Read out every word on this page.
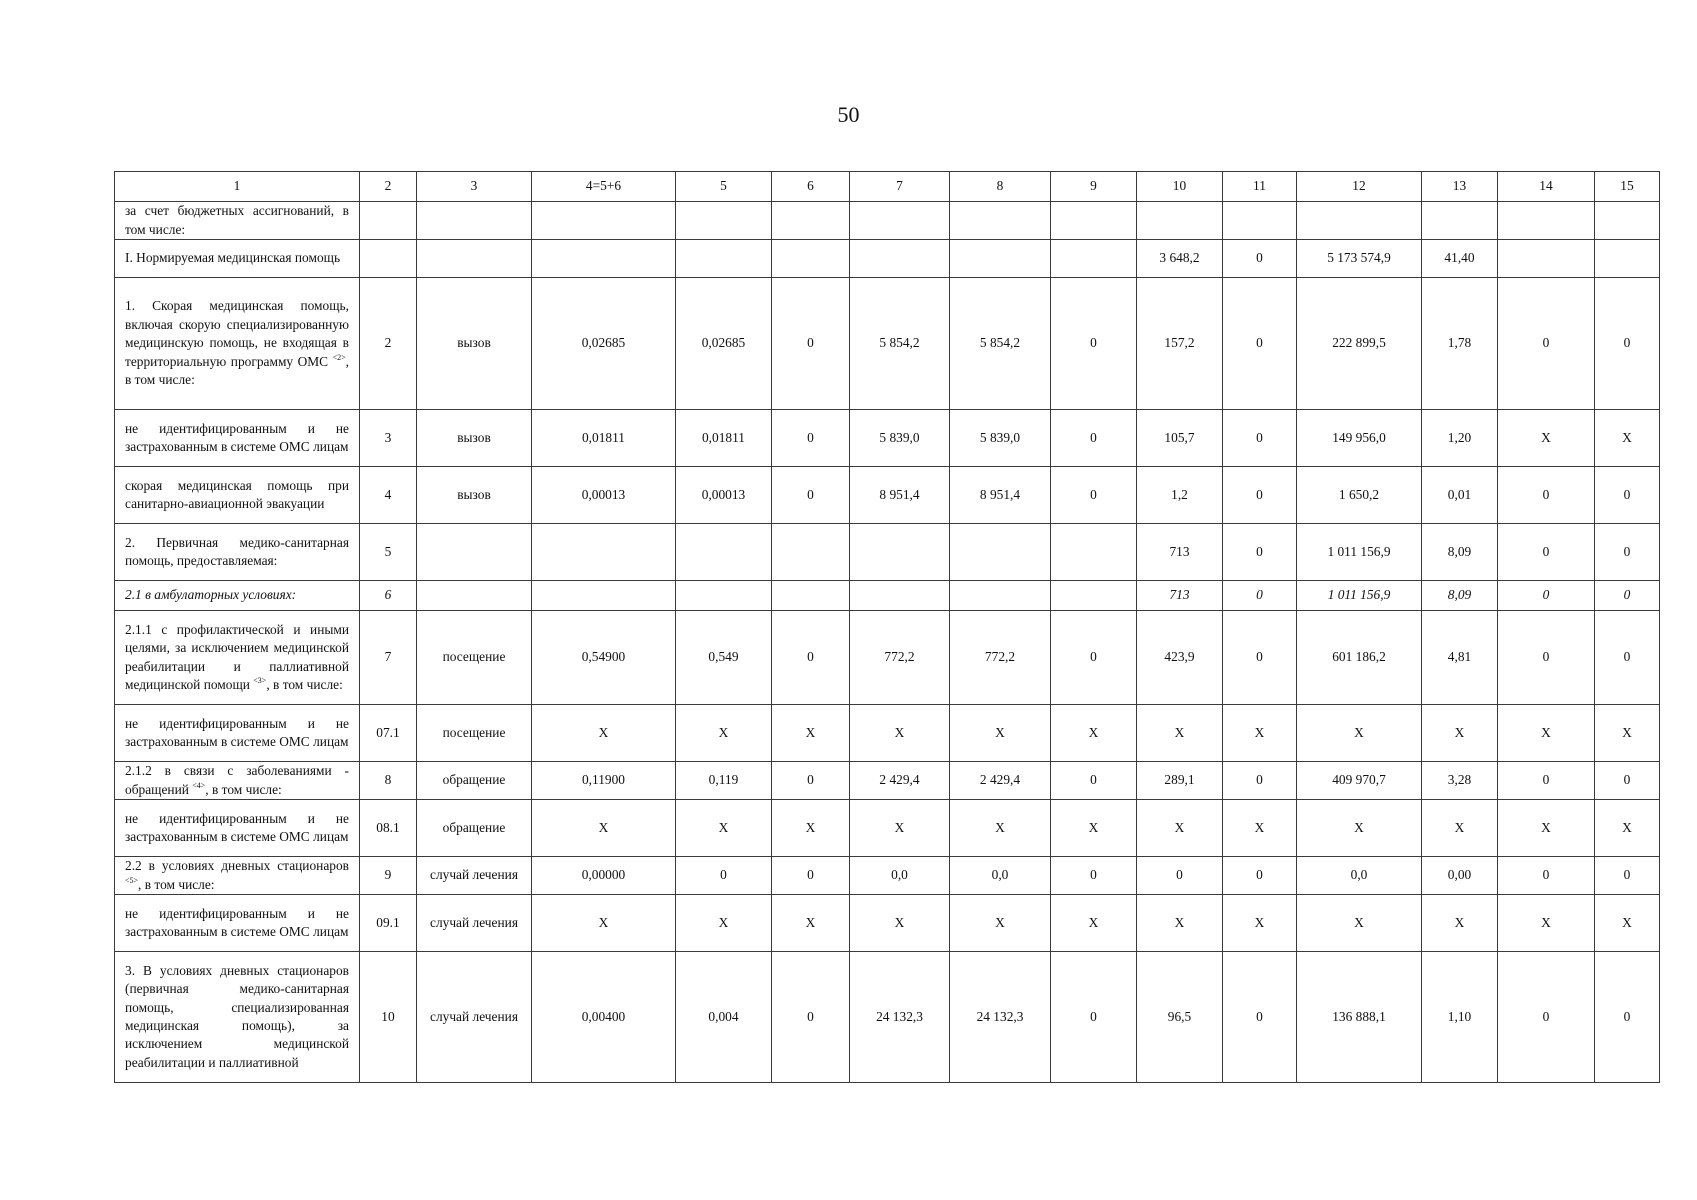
50
1	2	3	4=5+6	5	6	7	8	9	10	11	12	13	14	15

за счет бюджетных ассигнований, в том числе:														

I. Нормируемая медицинская помощь									3 648,2	0	5 173 574,9	41,40		

1. Скорая медицинская помощь, включая скорую специализированную медицинскую помощь, не входящая в территориальную программу ОМС $^{<2>}$, в том числе:	2	вызов	0,02685	0,02685	0	5 854,2	5 854,2	0	157,2	0	222 899,5	1,78	0	0

не идентифицированным и не застрахованным в системе ОМС лицам	3	вызов	0,01811	0,01811	0	5 839,0	5 839,0	0	105,7	0	149 956,0	1,20	Х	Х

скорая медицинская помощь при санитарно-авиационной эвакуации	4	вызов	0,00013	0,00013	0	8 951,4	8 951,4	0	1,2	0	1 650,2	0,01	0	0

2. Первичная медико-санитарная помощь, предоставляемая:	5								713	0	1 011 156,9	8,09	0	0

2.1 в амбулаторных условиях:	6								713	0	1 011 156,9	8,09	0	0

2.1.1 с профилактической и иными целями, за исключением медицинской реабилитации и паллиативной медицинской помощи $^{<3>}$, в том числе:	7	посещение	0,54900	0,549	0	772,2	772,2	0	423,9	0	601 186,2	4,81	0	0

не идентифицированным и не застрахованным в системе ОМС лицам	07.1	посещение	Х	Х	Х	Х	Х	Х	Х	Х	Х	Х	Х	Х

2.1.2 в связи с заболеваниями - обращений $^{<4>}$, в том числе:	8	обращение	0,11900	0,119	0	2 429,4	2 429,4	0	289,1	0	409 970,7	3,28	0	0

не идентифицированным и не застрахованным в системе ОМС лицам	08.1	обращение	Х	Х	Х	Х	Х	Х	Х	Х	Х	Х	Х	Х

2.2 в условиях дневных стационаров $^{<5>}$, в том числе:	9	случай лечения	0,00000	0	0	0,0	0,0	0	0	0	0,0	0,00	0	0

не идентифицированным и не застрахованным в системе ОМС лицам	09.1	случай лечения	Х	Х	Х	Х	Х	Х	Х	Х	Х	Х	Х	Х

3. В условиях дневных стационаров (первичная медико-санитарная помощь, специализированная медицинская помощь), за исключением медицинской реабилитации и паллиативной	10	случай лечения	0,00400	0,004	0	24 132,3	24 132,3	0	96,5	0	136 888,1	1,10	0	0
